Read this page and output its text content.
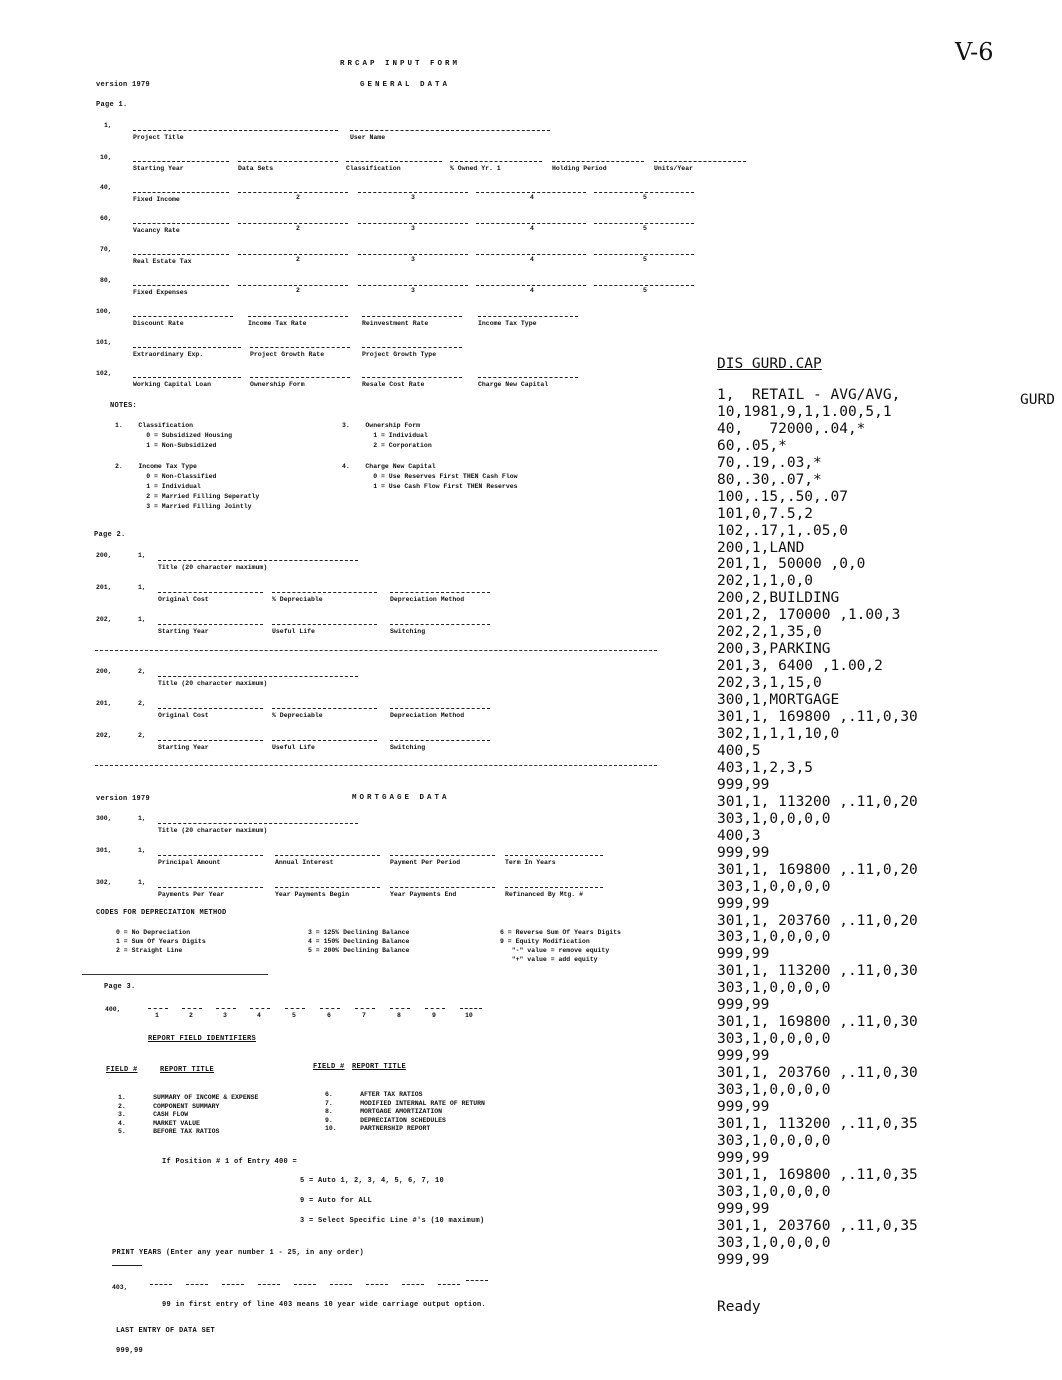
V-6
RRCAP INPUT FORM
GENERAL DATA
version 1979
Page 1.
1,
Project Title	User Name
10,
Starting Year	Data Sets	Classification	% Owned Yr. 1	Holding Period	Units/Year
40,
Fixed Income	2	3	4	5
60,
Vacancy Rate	2	3	4	5
70,
Real Estate Tax	2	3	4	5
80,
Fixed Expenses	2	3	4	5
100,
Discount Rate	Income Tax Rate	Reinvestment Rate	Income Tax Type
101,
Extraordinary Exp.	Project Growth Rate	Project Growth Type
102,
Working Capital Loan	Ownership Form	Resale Cost Rate	Charge New Capital
NOTES:
1.    Classification
0 = Subsidized Housing
1 = Non-Subsidized
3.    Ownership Form
1 = Individual
2 = Corporation
2.    Income Tax Type
0 = Non-Classified
1 = Individual
2 = Married Filling Seperatly
3 = Married Filling Jointly
4.    Charge New Capital
0 = Use Reserves First THEN Cash Flow
1 = Use Cash Flow First THEN Reserves
Page 2.
200,	1,
Title (20 character maximum)
201,	1,
Original Cost	% Depreciable	Depreciation Method
202,	1,
Starting Year	Useful Life	Switching
200,	2,
Title (20 character maximum)
201,	2,
Original Cost	% Depreciable	Depreciation Method
202,	2,
Starting Year	Useful Life	Switching
version 1979	MORTGAGE DATA
300,	1,
Title (20 character maximum)
301,	1,
Principal Amount	Annual Interest	Payment Per Period	Term In Years
302,	1,
Payments Per Year	Year Payments Begin	Year Payments End	Refinanced By Mtg. #
CODES FOR DEPRECIATION METHOD
0 = No Depreciation
1 = Sum Of Years Digits
2 = Straight Line
3 = 125% Declining Balance
4 = 150% Declining Balance
5 = 200% Declining Balance
6 = Reverse Sum Of Years Digits
9 = Equity Modification
"-" value = remove equity
"+" value = add equity
Page 3.
400,
1	2	3	4	5	6	7	8	9	10
REPORT FIELD IDENTIFIERS
FIELD #	REPORT TITLE	FIELD # REPORT TITLE
1.       SUMMARY OF INCOME & EXPENSE
2.       COMPONENT SUMMARY
3.       CASH FLOW
4.       MARKET VALUE
5.       BEFORE TAX RATIOS
6.       AFTER TAX RATIOS
7.       MODIFIED INTERNAL RATE OF RETURN
8.       MORTGAGE AMORTIZATION
9.       DEPRECIATION SCHEDULES
10.      PARTNERSHIP REPORT
If Position # 1 of Entry 400 =
5 = Auto 1, 2, 3, 4, 5, 6, 7, 10
9 = Auto for ALL
3 = Select Specific Line #'s (10 maximum)
PRINT YEARS (Enter any year number 1 - 25, in any order)
403,
99 in first entry of line 403 means 10 year wide carriage output option.
LAST ENTRY OF DATA SET
999,99
DIS GURD.CAP
1,  RETAIL - AVG/AVG,
10,1981,9,1,1.00,5,1
40,   72000,.04,*
60,.05,*
70,.19,.03,*
80,.30,.07,*
100,.15,.50,.07
101,0,7.5,2
102,.17,1,.05,0
200,1,LAND
201,1, 50000 ,0,0
202,1,1,0,0
200,2,BUILDING
201,2, 170000 ,1.00,3
202,2,1,35,0
200,3,PARKING
201,3, 6400 ,1.00,2
202,3,1,15,0
300,1,MORTGAGE
301,1, 169800 ,.11,0,30
302,1,1,1,10,0
400,5
403,1,2,3,5
999,99
301,1, 113200 ,.11,0,20
303,1,0,0,0,0
400,3
999,99
301,1, 169800 ,.11,0,20
303,1,0,0,0,0
999,99
301,1, 203760 ,.11,0,20
303,1,0,0,0,0
999,99
301,1, 113200 ,.11,0,30
303,1,0,0,0,0
999,99
301,1, 169800 ,.11,0,30
303,1,0,0,0,0
999,99
301,1, 203760 ,.11,0,30
303,1,0,0,0,0
999,99
301,1, 113200 ,.11,0,35
303,1,0,0,0,0
999,99
301,1, 169800 ,.11,0,35
303,1,0,0,0,0
999,99
301,1, 203760 ,.11,0,35
303,1,0,0,0,0
999,99
Ready
GURD
